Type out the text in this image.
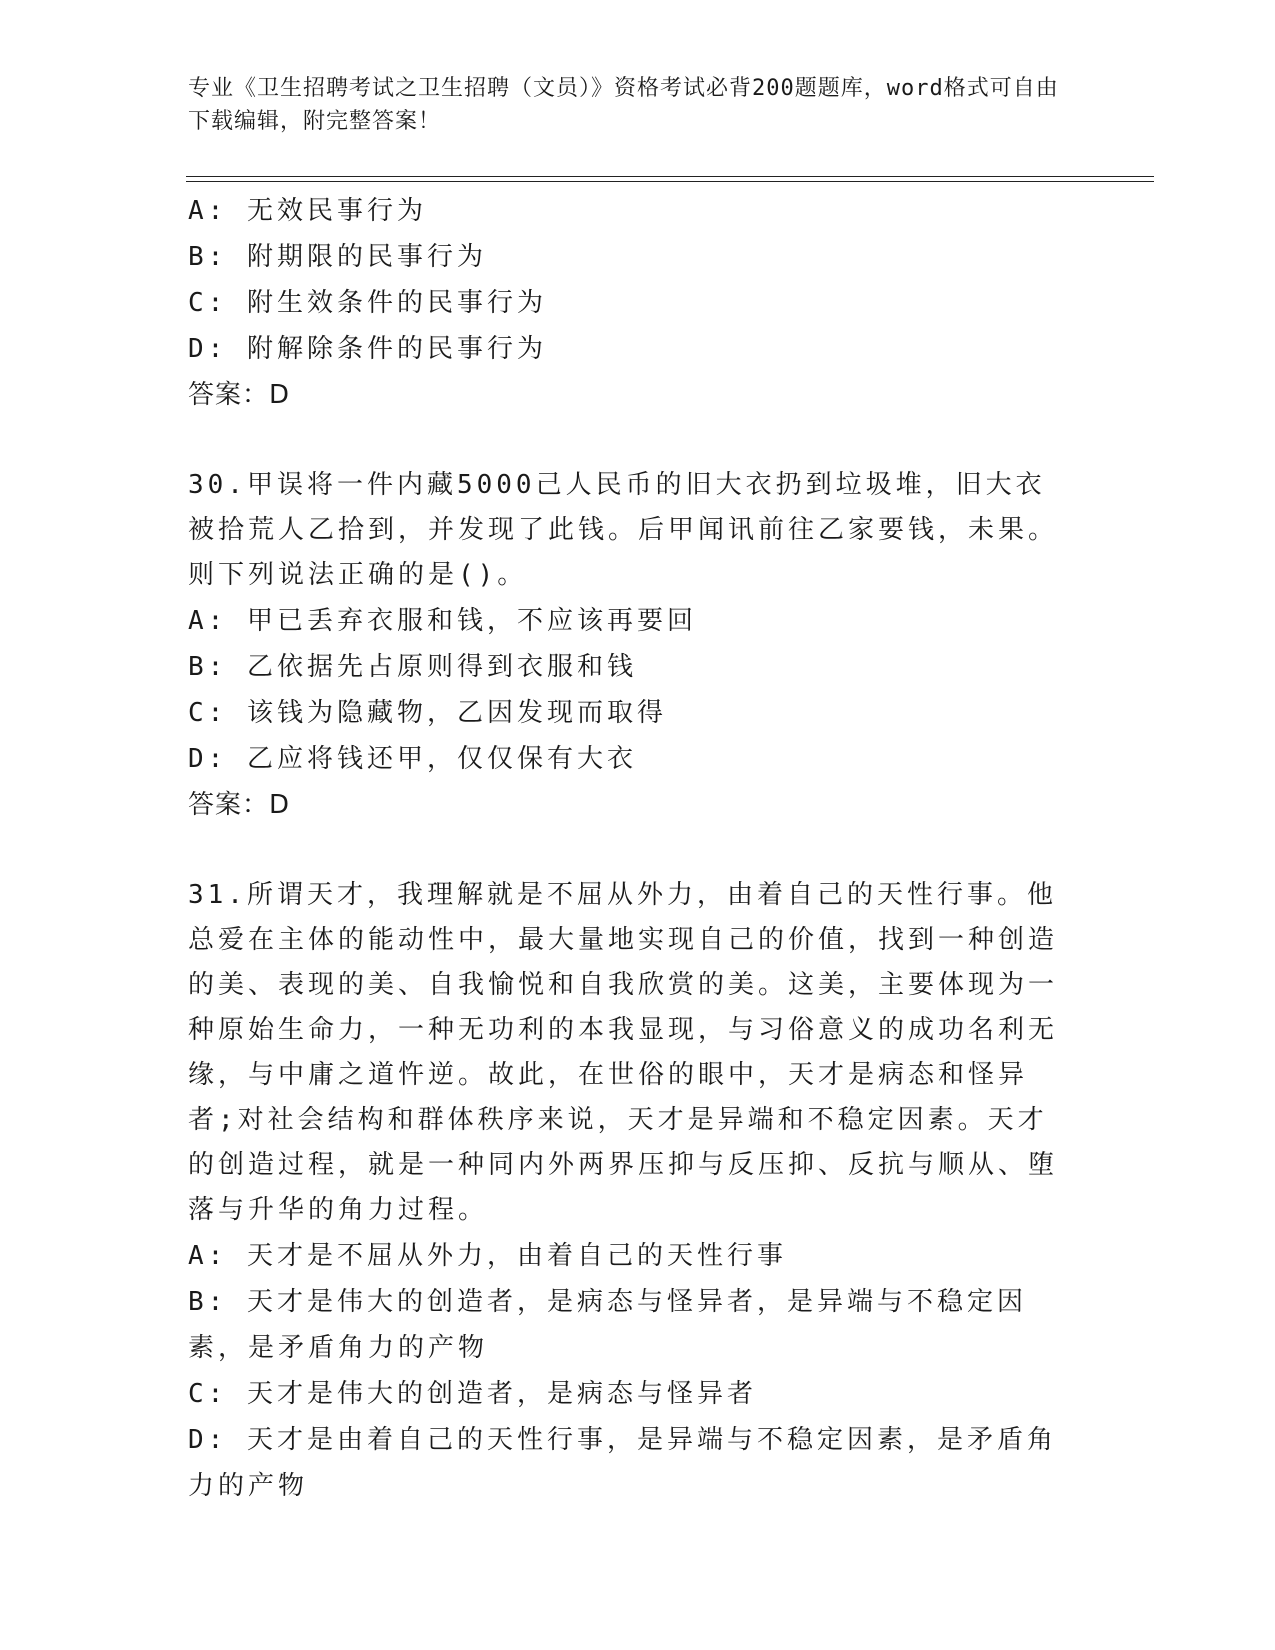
专业《卫生招聘考试之卫生招聘（文员）》资格考试必背200题题库，word格式可自由下载编辑，附完整答案！

A: 无效民事行为

B: 附期限的民事行为

C: 附生效条件的民事行为

D: 附解除条件的民事行为

答案：D

30.甲误将一件内藏5000己人民币的旧大衣扔到垃圾堆，旧大衣被拾荒人乙拾到，并发现了此钱。后甲闻讯前往乙家要钱，未果。则下列说法正确的是()。

A: 甲已丢弃衣服和钱，不应该再要回

B: 乙依据先占原则得到衣服和钱

C: 该钱为隐藏物，乙因发现而取得

D: 乙应将钱还甲，仅仅保有大衣

答案：D

31.所谓天才，我理解就是不屈从外力，由着自己的天性行事。他总爱在主体的能动性中，最大量地实现自己的价值，找到一种创造的美、表现的美、自我愉悦和自我欣赏的美。这美，主要体现为一种原始生命力，一种无功利的本我显现，与习俗意义的成功名利无缘，与中庸之道忤逆。故此，在世俗的眼中，天才是病态和怪异者;对社会结构和群体秩序来说，天才是异端和不稳定因素。天才的创造过程，就是一种同内外两界压抑与反压抑、反抗与顺从、堕落与升华的角力过程。

A: 天才是不屈从外力，由着自己的天性行事

B: 天才是伟大的创造者，是病态与怪异者，是异端与不稳定因素，是矛盾角力的产物

C: 天才是伟大的创造者，是病态与怪异者

D: 天才是由着自己的天性行事，是异端与不稳定因素，是矛盾角力的产物
